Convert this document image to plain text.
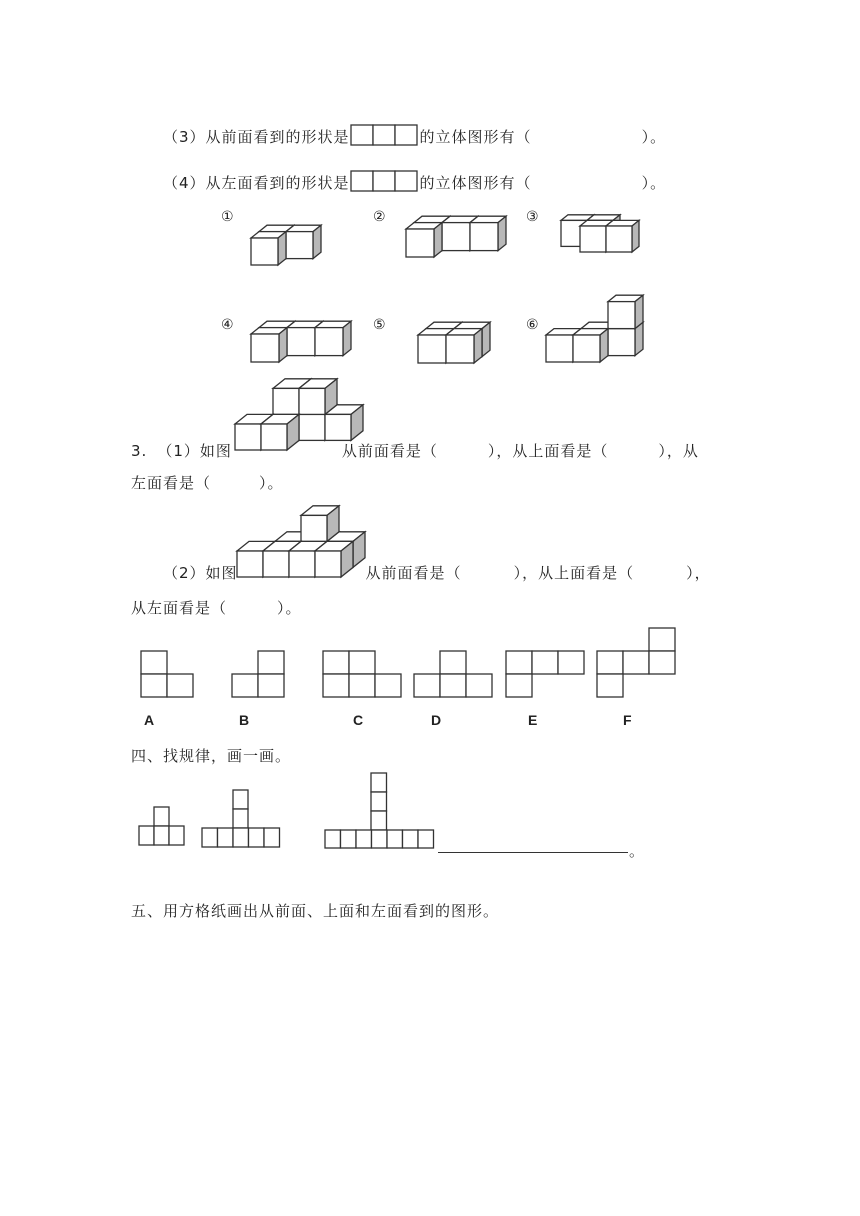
（3）从前面看到的形状是	的立体图形有（	）。
（4）从左面看到的形状是	的立体图形有（	）。
①	②	③
④	⑤	⑥
3. （1）如图	从前面看是（	），从上面看是（	），从
左面看是（	）。
（2）如图	从前面看是（	），从上面看是（	），
从左面看是（	）。
A	B	C	D	E	F
四、找规律，画一画。
。
五、用方格纸画出从前面、上面和左面看到的图形。
